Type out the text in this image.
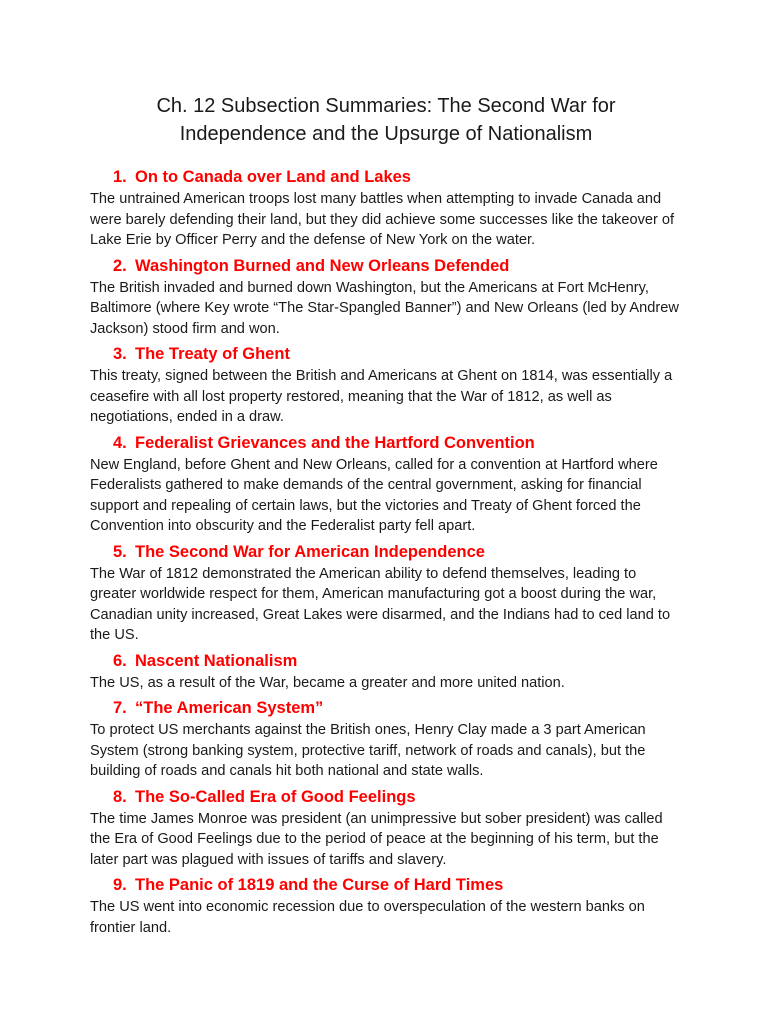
Ch. 12 Subsection Summaries: The Second War for
Independence and the Upsurge of Nationalism
1. On to Canada over Land and Lakes

The untrained American troops lost many battles when attempting to invade Canada and were barely defending their land, but they did achieve some successes like the takeover of Lake Erie by Officer Perry and the defense of New York on the water.

2. Washington Burned and New Orleans Defended

The British invaded and burned down Washington, but the Americans at Fort McHenry, Baltimore (where Key wrote “The Star-Spangled Banner”) and New Orleans (led by Andrew Jackson) stood firm and won.

3. The Treaty of Ghent

This treaty, signed between the British and Americans at Ghent on 1814, was essentially a ceasefire with all lost property restored, meaning that the War of 1812, as well as negotiations, ended in a draw.

4. Federalist Grievances and the Hartford Convention

New England, before Ghent and New Orleans, called for a convention at Hartford where Federalists gathered to make demands of the central government, asking for financial support and repealing of certain laws, but the victories and Treaty of Ghent forced the Convention into obscurity and the Federalist party fell apart.

5. The Second War for American Independence

The War of 1812 demonstrated the American ability to defend themselves, leading to greater worldwide respect for them, American manufacturing got a boost during the war, Canadian unity increased, Great Lakes were disarmed, and the Indians had to ced land to the US.

6. Nascent Nationalism

The US, as a result of the War, became a greater and more united nation.

7. “The American System”

To protect US merchants against the British ones, Henry Clay made a 3 part American System (strong banking system, protective tariff, network of roads and canals), but the building of roads and canals hit both national and state walls.

8. The So-Called Era of Good Feelings

The time James Monroe was president (an unimpressive but sober president) was called the Era of Good Feelings due to the period of peace at the beginning of his term, but the later part was plagued with issues of tariffs and slavery.

9. The Panic of 1819 and the Curse of Hard Times

The US went into economic recession due to overspeculation of the western banks on frontier land.
